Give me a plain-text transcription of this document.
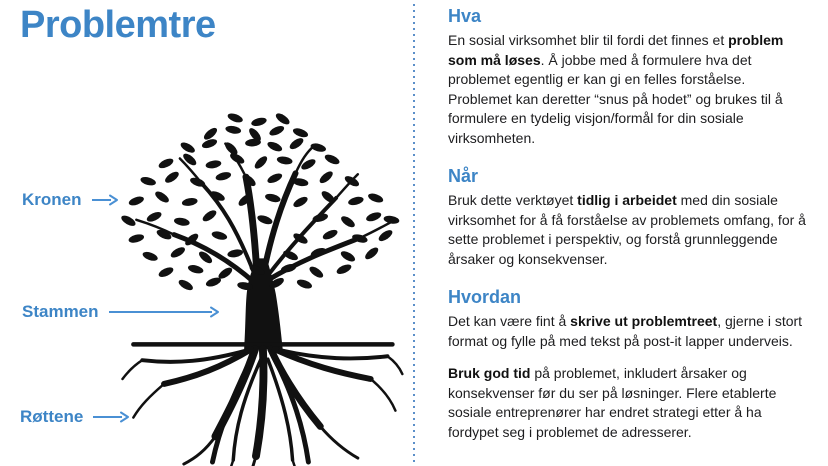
Problemtre
Kronen
Stammen
Røttene
Hva

En sosial virksomhet blir til fordi det finnes et problem som må løses. Å jobbe med å formulere hva det problemet egentlig er kan gi en felles forståelse. Problemet kan deretter “snus på hodet” og brukes til å formulere en tydelig visjon/formål for din sosiale virksomheten.

Når

Bruk dette verktøyet tidlig i arbeidet med din sosiale virksomhet for å få forståelse av problemets omfang, for å sette problemet i perspektiv, og forstå grunnleggende årsaker og konsekvenser.

Hvordan

Det kan være fint å skrive ut problemtreet, gjerne i stort format og fylle på med tekst på post-it lapper underveis.

Bruk god tid på problemet, inkludert årsaker og konsekvenser før du ser på løsninger. Flere etablerte sosiale entreprenører har endret strategi etter å ha fordypet seg i problemet de adresserer.
